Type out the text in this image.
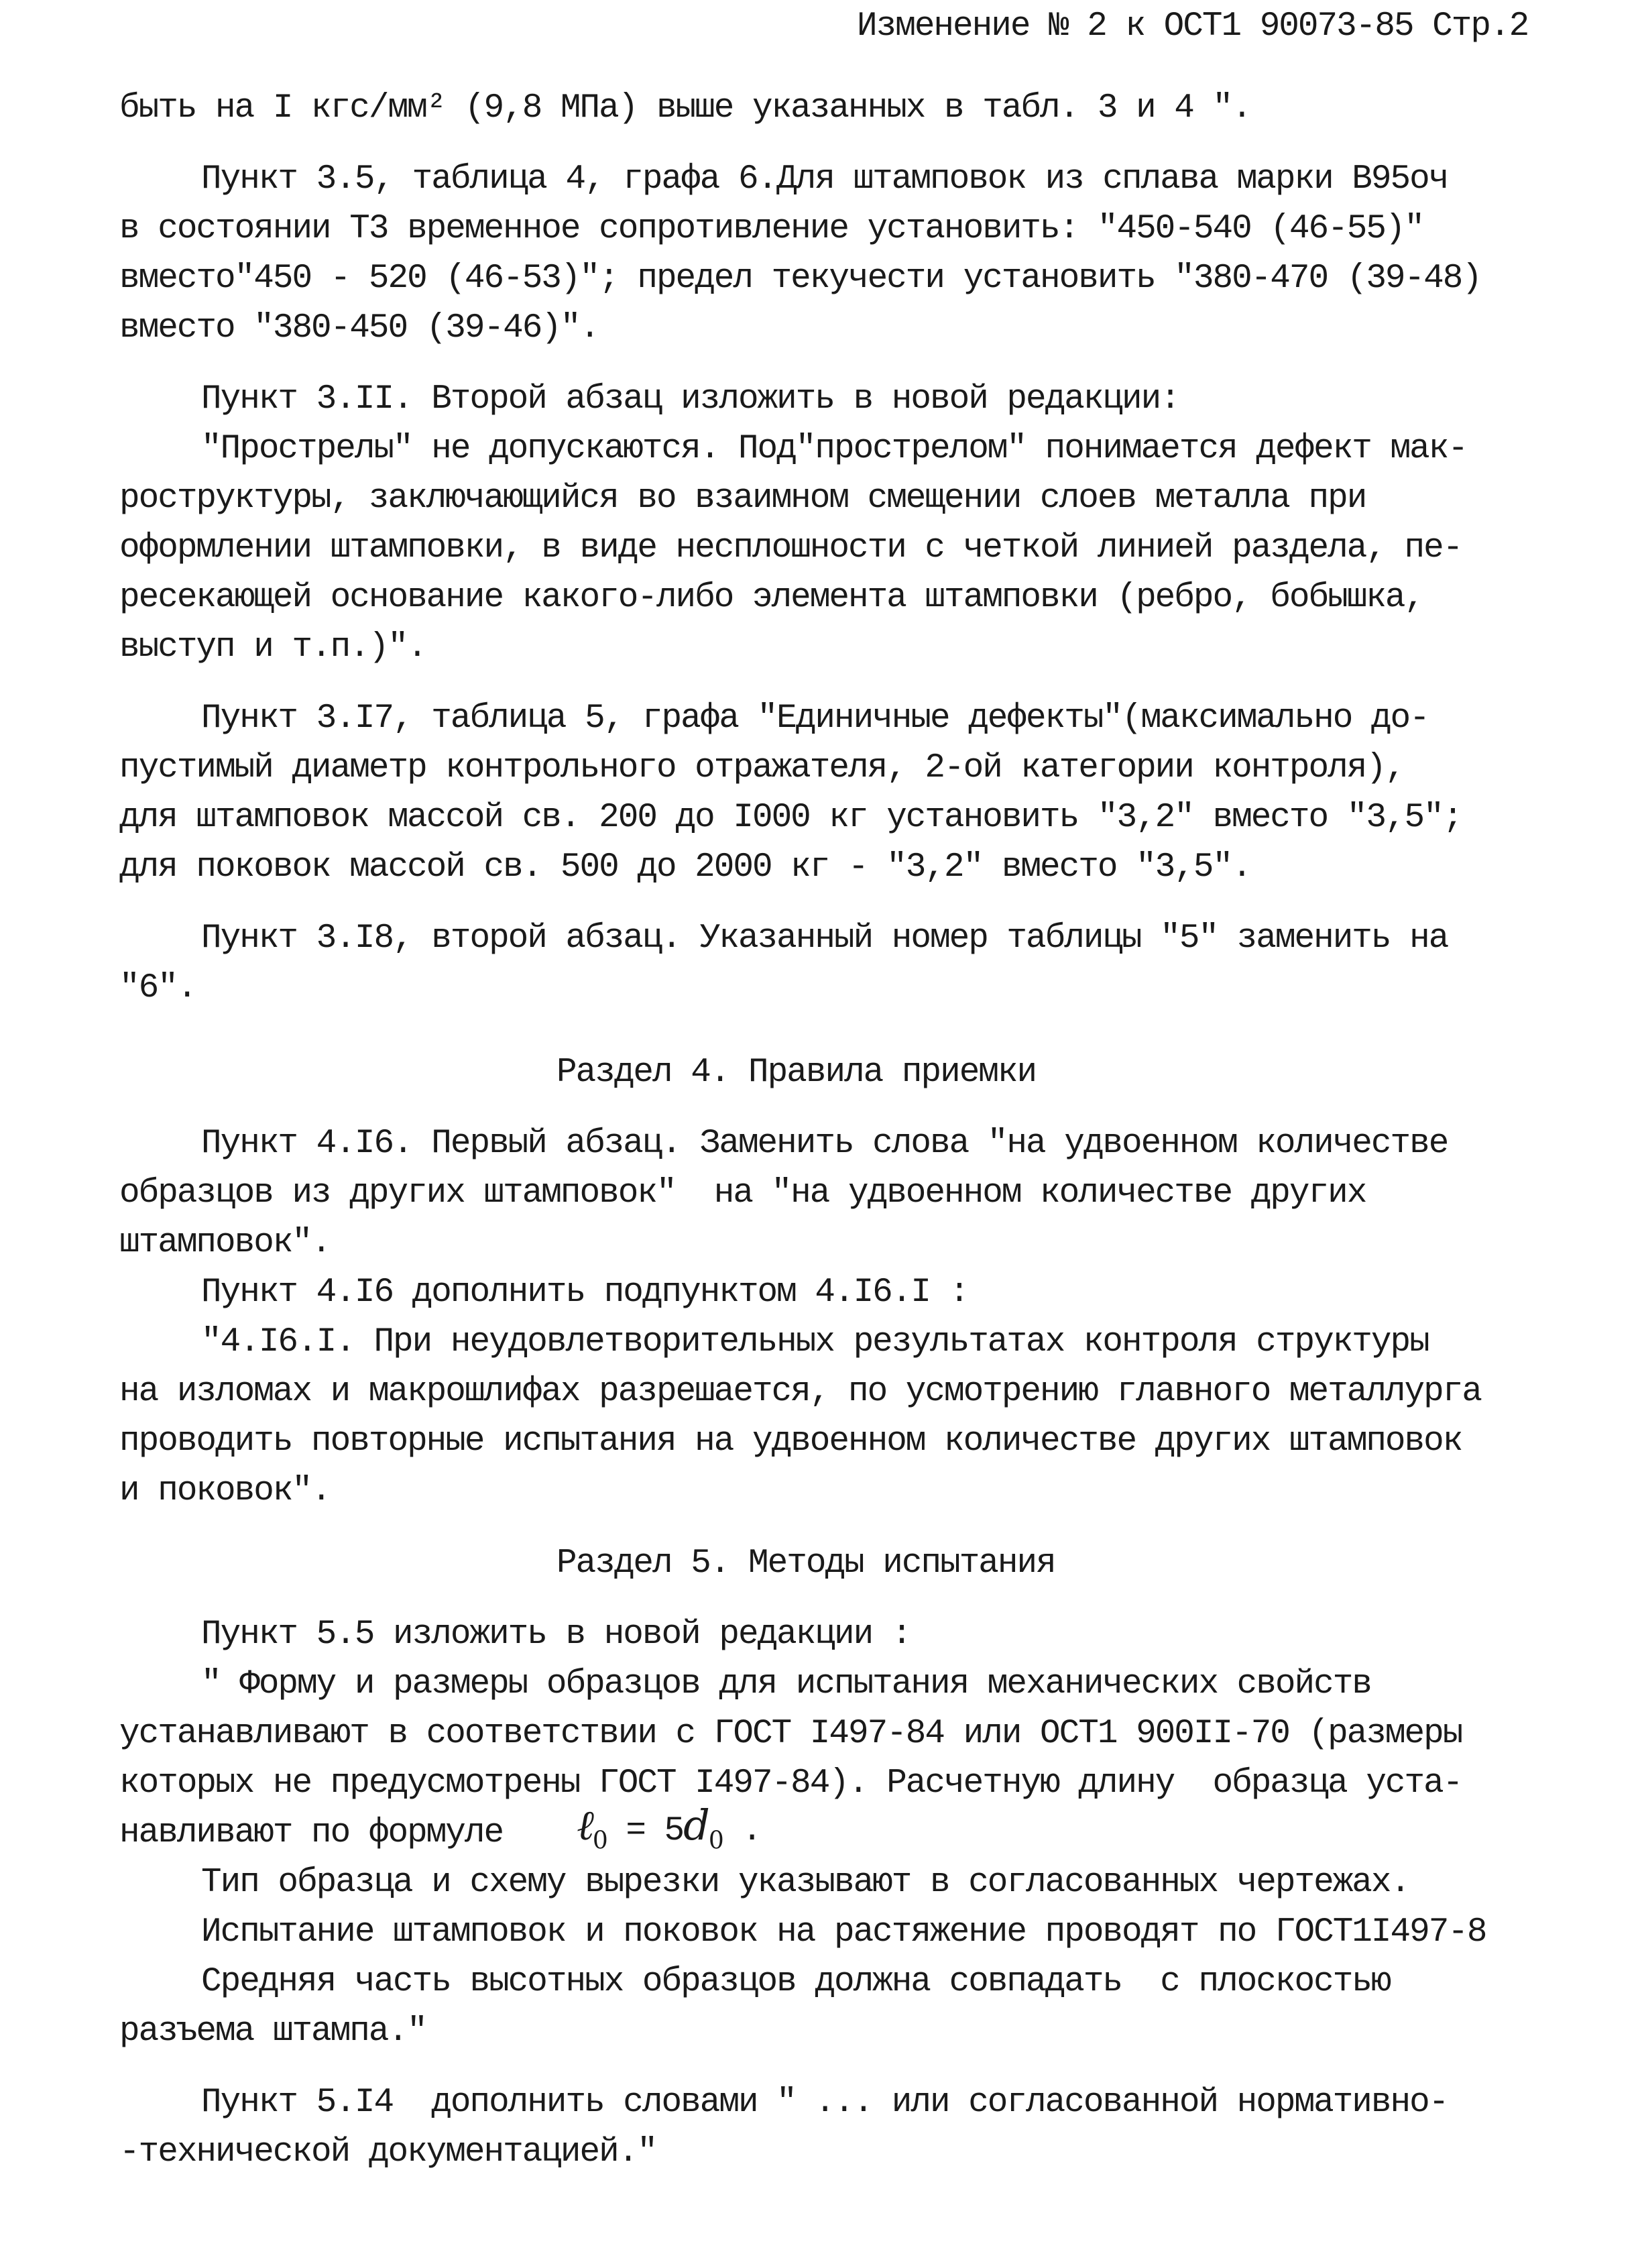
Изменение № 2 к ОСТ1 90073-85 Стр.2

быть на I кгс/мм² (9,8 МПа) выше указанных в табл. 3 и 4 ".

Пункт 3.5, таблица 4, графа 6.Для штамповок из сплава марки В95оч

в состоянии Т3 временное сопротивление установить: "450-540 (46-55)"

вместо"450 - 520 (46-53)"; предел текучести установить "380-470 (39-48)

вместо "380-450 (39-46)".

Пункт 3.II. Второй абзац изложить в новой редакции:

"Прострелы" не допускаются. Под"прострелом" понимается дефект мак-

роструктуры, заключающийся во взаимном смещении слоев металла при

оформлении штамповки, в виде несплошности с четкой линией раздела, пе-

ресекающей основание какого-либо элемента штамповки (ребро, бобышка,

выступ и т.п.)".

Пункт 3.I7, таблица 5, графа "Единичные дефекты"(максимально до-

пустимый диаметр контрольного отражателя, 2-ой категории контроля),

для штамповок массой св. 200 до I000 кг установить "3,2" вместо "3,5";

для поковок массой св. 500 до 2000 кг - "3,2" вместо "3,5".

Пункт 3.I8, второй абзац. Указанный номер таблицы "5" заменить на

"6".

Раздел 4. Правила приемки

Пункт 4.I6. Первый абзац. Заменить слова "на удвоенном количестве

образцов из других штамповок"  на "на удвоенном количестве других

штамповок".

Пункт 4.I6 дополнить подпунктом 4.I6.I :

"4.I6.I. При неудовлетворительных результатах контроля структуры

на изломах и макрошлифах разрешается, по усмотрению главного металлурга

проводить повторные испытания на удвоенном количестве других штамповок

и поковок".

Раздел 5. Методы испытания

Пункт 5.5 изложить в новой редакции :

" Форму и размеры образцов для испытания механических свойств

устанавливают в соответствии с ГОСТ I497-84 или ОСТ1 900II-70 (размеры

которых не предусмотрены ГОСТ I497-84). Расчетную длину  образца уста-

навливают по формуле ℓ$_0$ = $5d_0$ .

Тип образца и схему вырезки указывают в согласованных чертежах.

Испытание штамповок и поковок на растяжение проводят по ГОСТ1I497-8

Средняя часть высотных образцов должна совпадать  с плоскостью

разъема штампа."

Пункт 5.I4  дополнить словами " ... или согласованной нормативно-

-технической документацией."
